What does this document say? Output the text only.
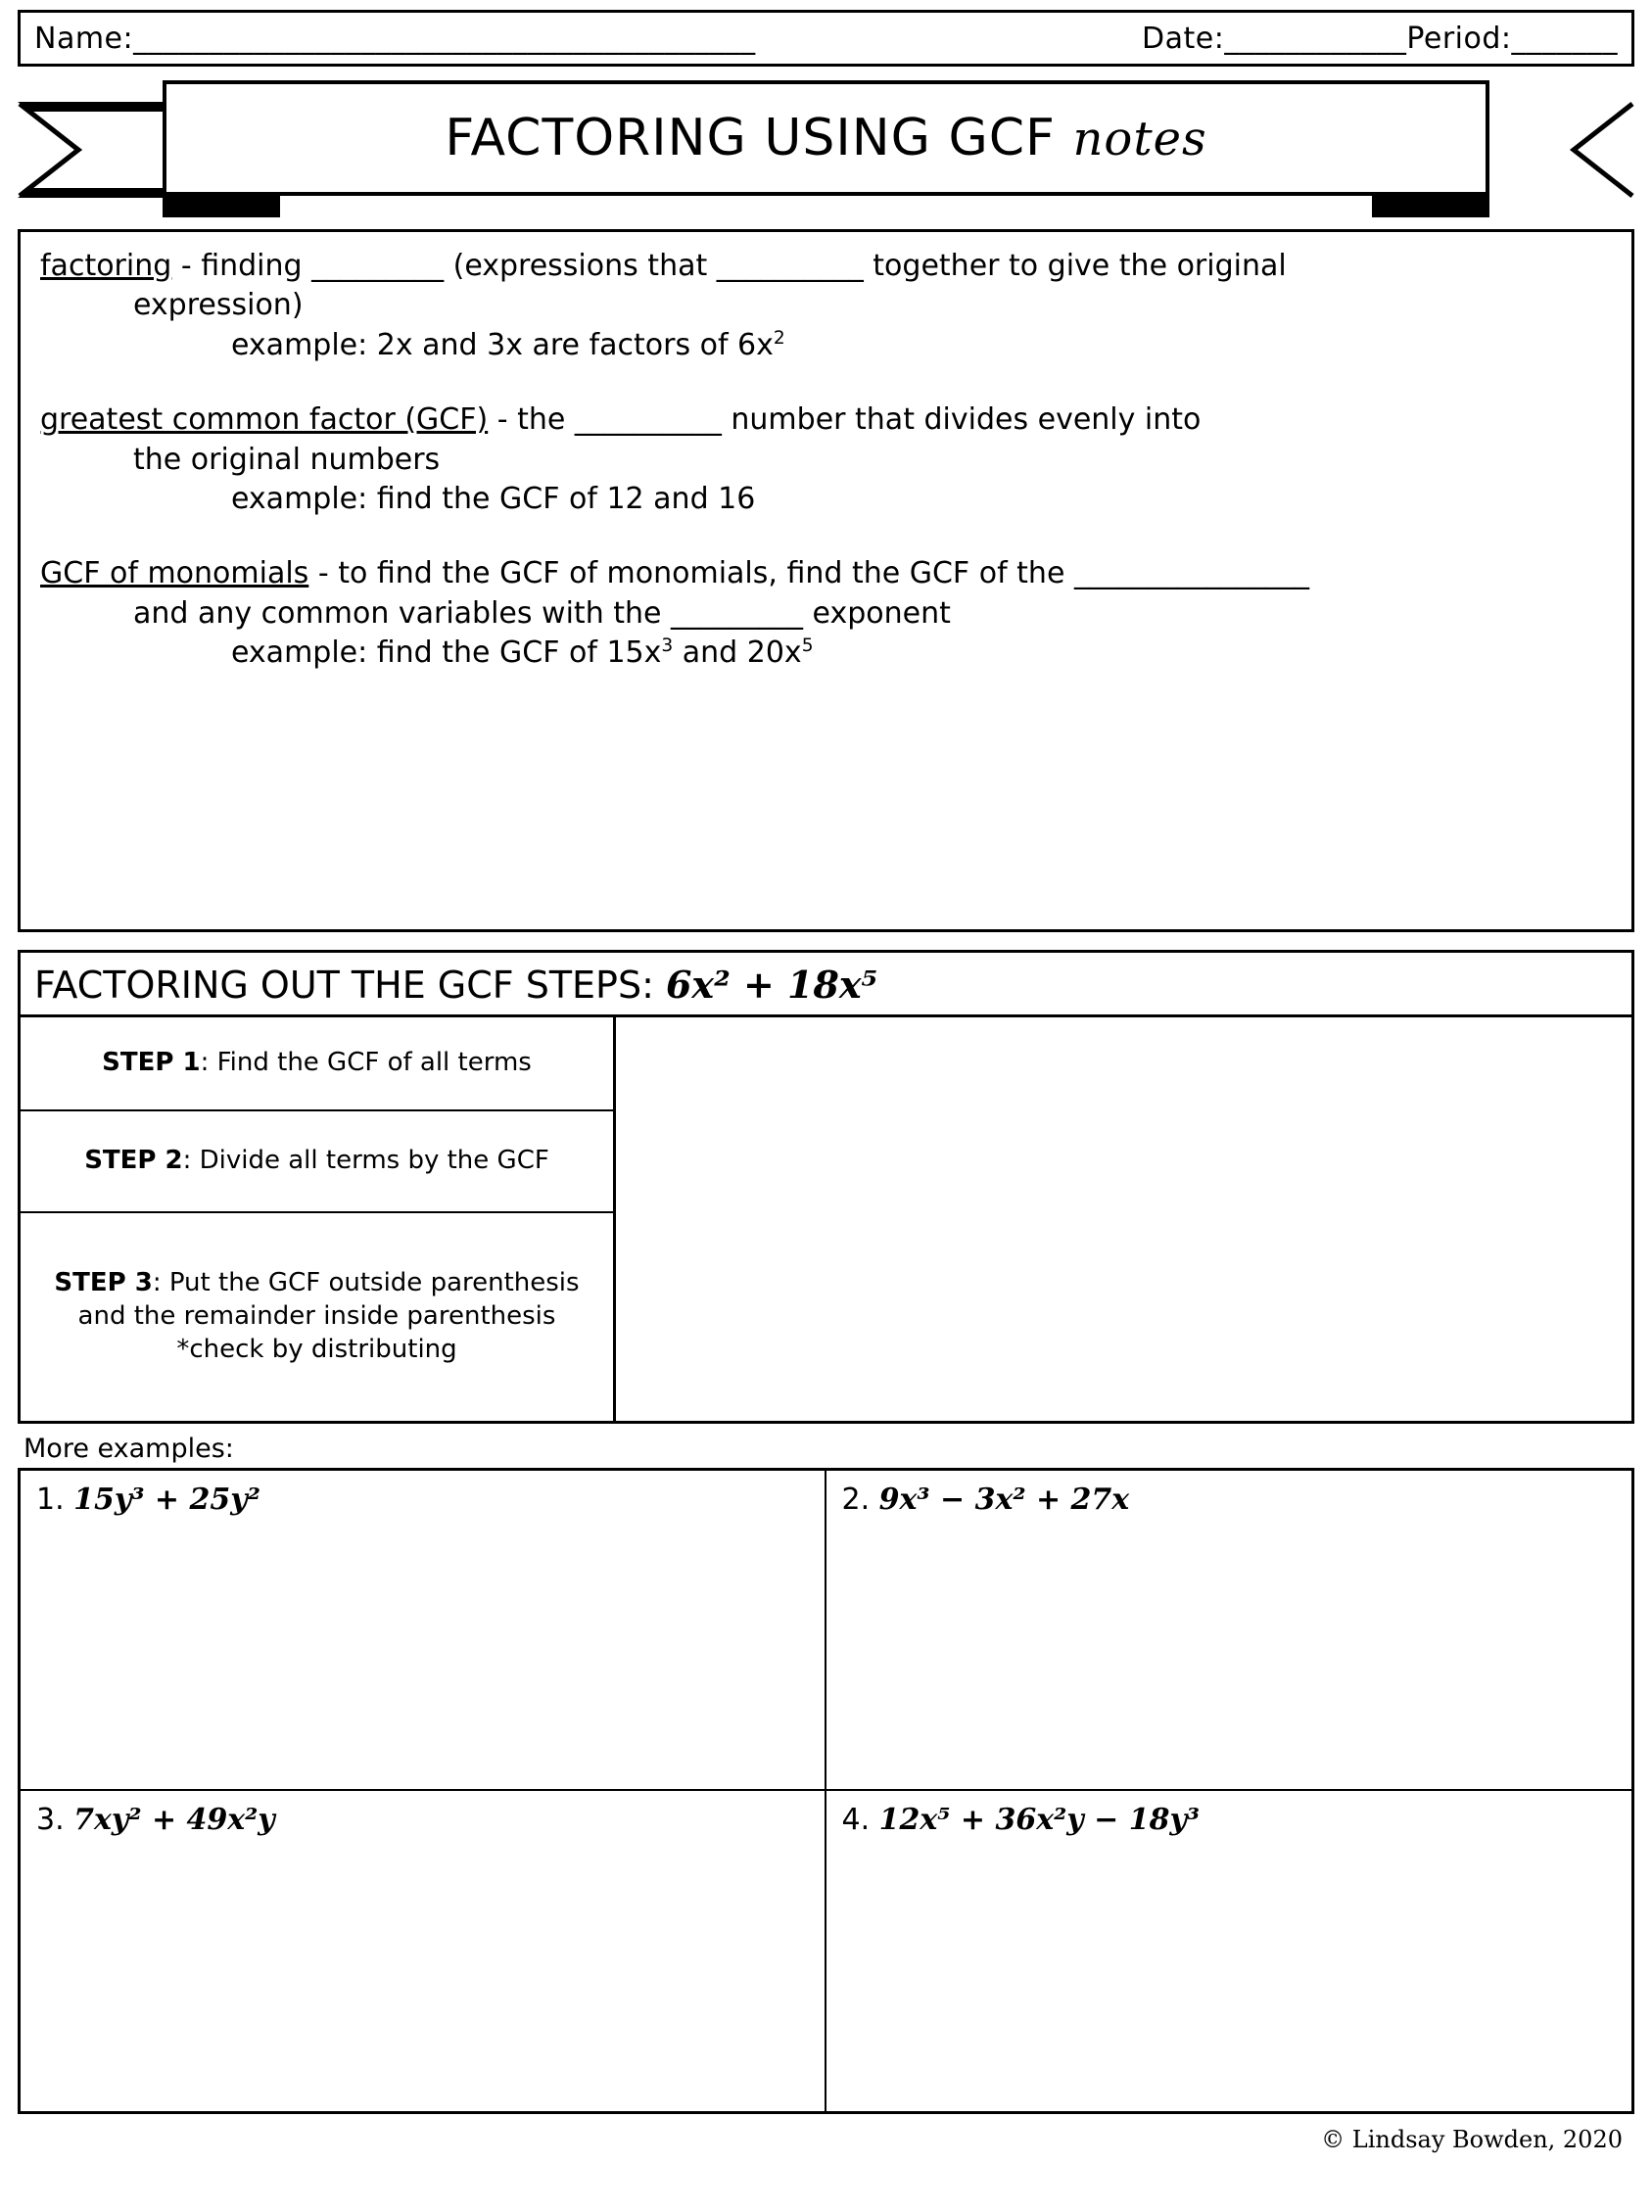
Name:_________________________________________	Date:____________Period:_______
FACTORING USING GCF notes
factoring - finding _________ (expressions that __________ together to give the original
expression)
example: 2x and 3x are factors of $6x^2$
greatest common factor (GCF) - the __________ number that divides evenly into
the original numbers
example: find the GCF of 12 and 16
GCF of monomials - to find the GCF of monomials, find the GCF of the ________________
and any common variables with the _________ exponent
example: find the GCF of $15x^3$ and $20x^5$
FACTORING OUT THE GCF STEPS: 6x² + 18x⁵
STEP 1: Find the GCF of all terms
STEP 2: Divide all terms by the GCF
STEP 3: Put the GCF outside parenthesis and the remainder inside parenthesis *check by distributing
More examples:
1. 15y³ + 25y²	2. 9x³ − 3x² + 27x
3. 7xy² + 49x²y	4. 12x⁵ + 36x²y − 18y³
© Lindsay Bowden, 2020
